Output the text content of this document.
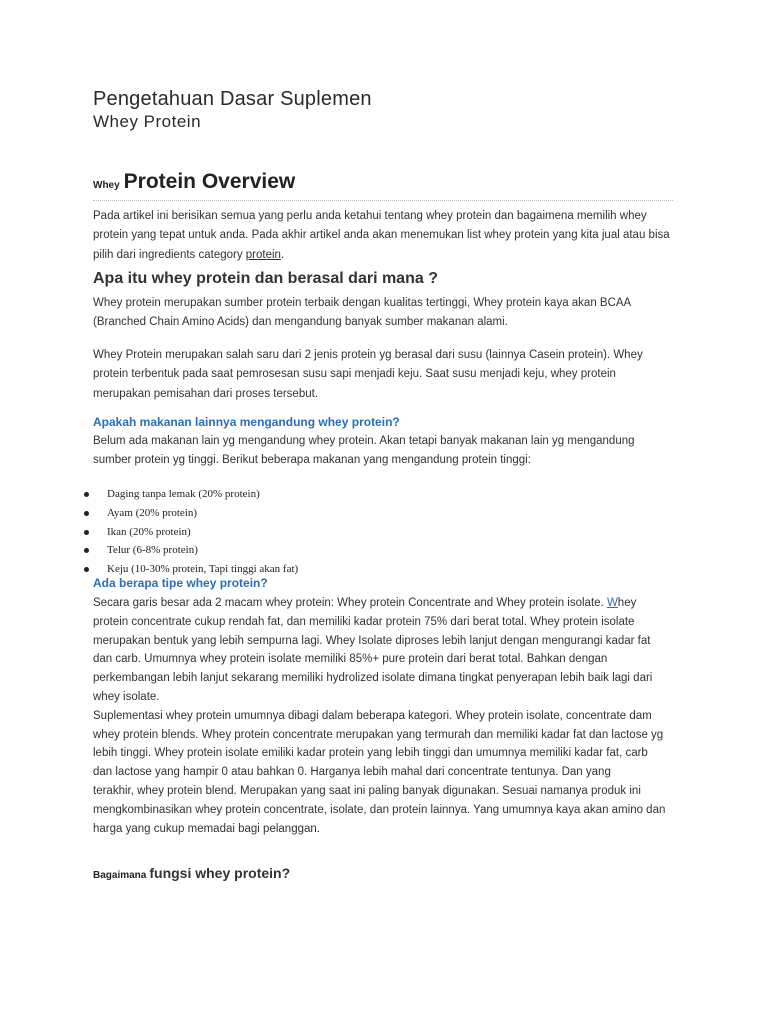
Pengetahuan Dasar Suplemen
Whey Protein
Whey Protein Overview
Pada artikel ini berisikan semua yang perlu anda ketahui tentang whey protein dan bagaimena memilih whey
protein yang tepat untuk anda. Pada akhir artikel anda akan menemukan list whey protein yang kita jual atau bisa
pilih dari ingredients category protein.
Apa itu whey protein dan berasal dari mana ?
Whey protein merupakan sumber protein terbaik dengan kualitas tertinggi, Whey protein kaya akan BCAA
(Branched Chain Amino Acids) dan mengandung banyak sumber makanan alami.
Whey Protein merupakan salah saru dari 2 jenis protein yg berasal dari susu (lainnya Casein protein). Whey
protein terbentuk pada saat pemrosesan susu sapi menjadi keju. Saat susu menjadi keju, whey protein
merupakan pemisahan dari proses tersebut.
Apakah makanan lainnya mengandung whey protein?
Belum ada makanan lain yg mengandung whey protein. Akan tetapi banyak makanan lain yg mengandung
sumber protein yg tinggi. Berikut beberapa makanan yang mengandung protein tinggi:
Daging tanpa lemak (20% protein)
Ayam (20% protein)
Ikan (20% protein)
Telur (6-8% protein)
Keju (10-30% protein, Tapi tinggi akan fat)
Ada berapa tipe whey protein?
Secara garis besar ada 2 macam whey protein: Whey protein Concentrate and Whey protein isolate. Whey
protein concentrate cukup rendah fat, dan memiliki kadar protein 75% dari berat total. Whey protein isolate
merupakan bentuk yang lebih sempurna lagi. Whey Isolate diproses lebih lanjut dengan mengurangi kadar fat
dan carb. Umumnya whey protein isolate memiliki 85%+ pure protein dari berat total. Bahkan dengan
perkembangan lebih lanjut sekarang memiliki hydrolized isolate dimana tingkat penyerapan lebih baik lagi dari
whey isolate.
Suplementasi whey protein umumnya dibagi dalam beberapa kategori. Whey protein isolate, concentrate dam
whey protein blends. Whey protein concentrate merupakan yang termurah dan memiliki kadar fat dan lactose yg
lebih tinggi. Whey protein isolate emiliki kadar protein yang lebih tinggi dan umumnya memiliki kadar fat, carb
dan lactose yang hampir 0 atau bahkan 0. Harganya lebih mahal dari concentrate tentunya. Dan yang
terakhir, whey protein blend. Merupakan yang saat ini paling banyak digunakan. Sesuai namanya produk ini
mengkombinasikan whey protein concentrate, isolate, dan protein lainnya. Yang umumnya kaya akan amino dan
harga yang cukup memadai bagi pelanggan.
Bagaimana fungsi whey protein?
